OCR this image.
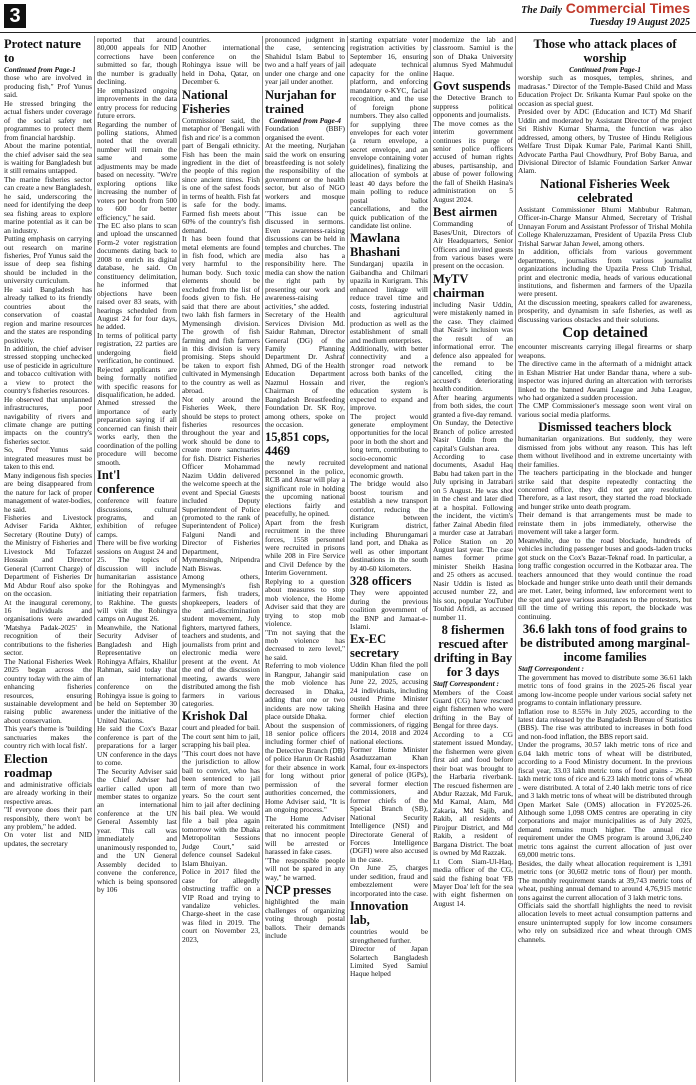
3	The Daily Commercial Times
Tuesday 19 August 2025
Protect nature to

Continued from Page-1

those who are involved in producing fish," Prof Yunus said.

He stressed bringing the actual fishers under coverage of the social safety net programmes to protect them from financial hardship.

About the marine potential, the chief adviser said the sea is waiting for Bangladesh but it still remains untapped.

The marine fisheries sector can create a new Bangladesh, he said, underscoring the need for identifying the deep sea fishing areas to explore marine potential as it can be an industry.

Putting emphasis on carrying out research on marine fisheries, Prof Yunus said the issue of deep sea fishing should be included in the university curriculum.

He said Bangladesh has already talked to its friendly countries about the conservation of coastal region and marine resources and the states are responding positively.

In addition, the chief adviser stressed stopping unchecked use of pesticide in agriculture and tobacco cultivation with a view to protect the country's fisheries resources.

He observed that unplanned infrastructures, poor navigability of rivers and climate change are putting impacts on the country's fisheries sector.

So, Prof Yunus said integrated measures must be taken to this end.

Many indigenous fish species are being disappeared from the nature for lack of proper management of water-bodies, he said.

Fisheries and Livestock Adviser Farida Akhter, Secretary (Routine Duty) of the Ministry of Fisheries and Livestock Md Tofazzel Hossain and Director General (Current Charge) of Department of Fisheries Dr Md Abdur Rouf also spoke on the occasion.

At the inaugural ceremony, 16 individuals and organisations were awarded 'Matshya Padak-2025' in recognition of their contributions to the fisheries sector.

The National Fisheries Week 2025 began across the country today with the aim of enhancing fisheries resources, ensuring sustainable development and raising public awareness about conservation.

This year's theme is 'building sanctuaries makes the country rich with local fish'.

Election roadmap

and administrative officials are already working in their respective areas.

"If everyone does their part responsibly, there won't be any problem," he added.

On voter list and NID updates, the secretary

reported that around 80,000 appeals for NID corrections have been submitted so far, though the number is gradually declining.

He emphasized ongoing improvements in the data entry process for reducing future errors.

Regarding the number of polling stations, Ahmed noted that the overall number will remain the same and some adjustments may be made based on necessity. "We're exploring options like increasing the number of voters per booth from 500 to 600 for better efficiency," he said.

The EC also plans to scan and upload the unscanned Form-2 voter registration documents dating back to 2008 to enrich its digital database, he said. On constituency delimitation, he informed that objections have been raised over 83 seats, with hearings scheduled from August 24 for four days, he added.

In terms of political party registration, 22 parties are undergoing field verification, he continued.

Rejected applicants are being formally notified with specific reasons for disqualification, he added.

Ahmed stressed the importance of early preparation saying if all concerned can finish their works early, then the coordination of the polling procedure will become smooth.

Int'l conference

conference will feature discussions, cultural programs, and an exhibition of refugee camps.

There will be five working sessions on August 24 and 25. The topics of discussion will include humanitarian assistance for the Rohingyas and initiating their repatriation to Rakhine. The guests will visit the Rohingya camps on August 26.

Meanwhile, the National Security Adviser of Bangladesh and High Representative on Rohingya Affairs, Khalilur Rahman, said today that an international conference on the Rohingya issue is going to be held on September 30 under the initiative of the United Nations.

He said the Cox's Bazar conference is part of the preparations for a larger UN conference in the days to come.

The Security Adviser said the Chief Adviser had earlier called upon all member states to organize an international conference at the UN General Assembly last year. This call was immediately and unanimously responded to, and the UN General Assembly decided to convene the conference, which is being sponsored by 106

countries.

Another international conference on the Rohingya issue will be held in Doha, Qatar, on December 6.

National Fisheries

Commissioner said, the metaphor of 'Bengali with fish and rice' is a common part of Bengali ethnicity. Fish has been the main ingredient in the diet of the people of this region since ancient times. Fish is one of the safest foods in terms of health. Fish fat is safe for the body. Farmed fish meets about 60% of the country's fish demand.

It has been found that metal elements are found in fish food, which are very harmful to the human body. Such toxic elements should be excluded from the list of foods given to fish. He said that there are about two lakh fish farmers in Mymensingh division. The growth of fish farming and fish farmers in this division is very promising. Steps should be taken to export fish cultivated in Mymensingh to the country as well as abroad.

Not only around the Fisheries Week, there should be steps to protect fisheries resources throughout the year and work should be done to create more sanctuaries for fish. District Fisheries Officer Mohammad Nazim Uddin delivered the welcome speech at the event and Special Guests included Deputy Superintendent of Police (promoted to the rank of Superintendent of Police) Falguni Nandi and Director of Fisheries Department, Mymensingh, Nripendra Nath Biswas.

Among others, Mymensingh's fish farmers, fish traders, shopkeepers, leaders of the anti-discrimination student movement, July fighters, martyred fathers, teachers and students, and journalists from print and electronic media were present at the event. At the end of the discussion meeting, awards were distributed among the fish farmers in various categories.

Krishok Dal

court and pleaded for bail. The court sent him to jail, scrapping his bail plea.

"This court does not have the jurisdiction to allow bail to convict, who has been sentenced to jail term of more than two years. So the court sent him to jail after declining his bail plea. We would file a bail plea again tomorrow with the Dhaka Metropolitan Sessions Judge Court," said defence counsel Sadekul Islam Bhuiyan.

Police in 2017 filed the case for allegedly obstructing traffic on a VIP Road and trying to vandalize vehicles. Charge-sheet in the case was filed in 2019. The court on November 23, 2023,

pronounced judgment in the case, sentencing Shahidul Islam Babul to two and a half years of jail under one charge and one year jail under another.

Nurjahan for trained

Continued from Page-4

Foundation (BBF) organised the event.

At the meeting, Nurjahan said the work on ensuring breastfeeding is not solely the responsibility of the government or the health sector, but also of NGO workers and mosque imams.

"This issue can be discussed in sermons. Even awareness-raising discussions can be held in temples and churches. The media also has a responsibility here. The media can show the nation the right path by presenting our work and awareness-raising activities," she added.

Secretary of the Health Services Division Md. Saidur Rahman, Director General (DG) of the Family Planning Department Dr. Ashraf Ahmed, DG of the Health Education Department Nazmul Hossain and Chairman of the Bangladesh Breastfeeding Foundation Dr. SK Roy, among others, spoke on the occasion.

15,851 cops, 4469

the newly recruited personnel in the police, RCB and Ansar will play a significant role in holding the upcoming national elections fairly and peacefully, he opined.

Apart from the fresh recruitment in the three forces, 1558 personnel were recruited in prisons while 208 in Fire Service and Civil Defence by the Interim Government.

Replying to a question about measures to stop mob violence, the Home Adviser said that they are trying to stop mob violence.

"I'm not saying that the mob violence has decreased to zero level," he said.

Referring to mob violence in Rangpur, Jahangir said the mob violence has decreased in Dhaka, adding that one or two incidents are now taking place outside Dhaka.

About the suspension of 18 senior police officers including former chief of the Detective Branch (DB) of police Harun Or Rashid for their absence in work for long without prior permission of the authorities concerned, the Home Adviser said, "It is an ongoing process."

The Home Adviser reiterated his commitment that no innocent people will be arrested or harassed in fake cases.

"The responsible people will not be spared in any way," he warned.

NCP presses

highlighted the main challenges of organizing voting through postal ballots. Their demands include

starting expatriate voter registration activities by September 16, ensuring adequate technical capacity for the online platform, and enforcing mandatory e-KYC, facial recognition, and the use of foreign phone numbers. They also called for supplying three envelopes for each voter (a return envelope, a secret envelope, and an envelope containing voter guidelines), finalizing the allocation of symbols at least 40 days before the main polling to reduce postal ballot cancellations, and the quick publication of the candidate list online.

Mawlana Bhashani

Sundarganj upazila in Gaibandha and Chilmari upazila in Kurigram. This enhanced linkage will reduce travel time and costs, fostering industrial and agricultural production as well as the establishment of small and medium enterprises.

Additionally, with better connectivity and a stronger road network across both banks of the river, the region's education system is expected to expand and improve.

The project would generate employment opportunities for the local poor in both the short and long term, contributing to socio-economic development and national economic growth.

The bridge would also boost tourism and establish a new transport corridor, reducing the distance between Kurigram district, including Bhurungamari land port, and Dhaka as well as other important destinations in the south by 40-60 kilometers.

328 officers

They were appointed during the previous coalition government of the BNP and Jamaat-e-Islami.

Ex-EC secretary

Uddin Khan filed the poll manipulation case on June 22, 2025, accusing 24 individuals, including ousted Prime Minister Sheikh Hasina and three former chief election commissioners, of rigging the 2014, 2018 and 2024 national elections.

Former Home Minister Asaduzzaman Khan Kamal, four ex-inspectors general of police (IGPs), several former election commissioners, and former chiefs of the Special Branch (SB), National Security Intelligence (NSI) and Directorate General of Forces Intelligence (DGFI) were also accused in the case.

On June 25, charges under sedition, fraud and embezzlement were incorporated into the case.

Innovation lab,

countries would be strengthened further.

Director of Japan Solartech Bangladesh Limited Syed Samiul Haque helped

modernize the lab and classroom. Samiul is the son of Dhaka University alumnus Syed Mahmudul Haque.

Govt suspends

the Detective Branch to suppress political opponents and journalists.

The move comes as the interim government continues its purge of senior police officers accused of human rights abuses, partisanship, and abuse of power following the fall of Sheikh Hasina's administration on 5 August 2024.

Best airmen

Commanding of Bases/Unit, Directors of Air Headquarters, Senior Officers and invited guests from various bases were present on the occasion.

MyTV chairman

including Nasir Uddin, were mistakenly named in the case. They claimed that Nasir's inclusion was the result of an informational error. The defence also appealed for the remand to be cancelled, citing the accused's deteriorating health condition.

After hearing arguments from both sides, the court granted a five-day remand.

On Sunday, the Detective Branch of police arrested Nasir Uddin from the capital's Gulshan area.

According to case documents, Asadul Haq Babu had taken part in the July uprising in Jatrabari on 5 August. He was shot in the chest and later died at a hospital. Following the incident, the victim's father Zainal Abedin filed a murder case at Jatrabari Police Station on 20 August last year. The case names former prime minister Sheikh Hasina and 25 others as accused. Nasir Uddin is listed as accused number 22, and his son, popular YouTuber Touhid Afridi, as accused number 11.

8 fishermen rescued after drifting in Bay for 3 days

Staff Correspondent :

Members of the Coast Guard (CG) have rescued eight fishermen who were drifting in the Bay of Bengal for three days.

According to a CG statement issued Monday, the fishermen were given first aid and food before their boat was brought to the Harbaria riverbank. The rescued fishermen are Abdur Razzak, Md Faruk, Md Kamal, Alam, Md Zakaria, Md Sajib, and Rakib, all residents of Pirojpur District, and Md Rakib, a resident of Bargana District. The boat is owned by Md Razzak.

Lt Com Siam-Ul-Haq, media officer of the CG, said the fishing boat 'FB Mayer Doa' left for the sea with eight fishermen on August 14.

Those who attack places of worship

Continued from Page-1

worship such as mosques, temples, shrines, and madrasas." Director of the Temple-Based Child and Mass Education Project Dr. Srikanta Kumar Paul spoke on the occasion as special guest.

Presided over by ADC (Education and ICT) Md Sharif Uddin and moderated by Assistant Director of the project Sri Rishiv Kumar Sharma, the function was also addressed, among others, by Trustee of Hindu Religious Welfare Trust Dipak Kumar Pale, Parimal Kanti Shill, Advocate Partha Paul Chowdhury, Prof Boby Barua, and Divisional Director of Islamic Foundation Sarker Anwar Alam.

National Fisheries Week celebrated

Assistant Commissioner Bhumi Mahbubur Rahman, Officer-in-Charge Mansur Ahmed, Secretary of Trishal Unnayan Forum and Assistant Professor of Trishal Mohila College Khaleruzzaman, President of Upazila Press Club Trishal Sarwar Jahan Jewel, among others.

In addition, officials from various government departments, journalists from various journalist organizations including the Upazila Press Club Trishal, print and electronic media, heads of various educational institutions, and fishermen and farmers of the Upazila were present.

At the discussion meeting, speakers called for awareness, prosperity, and dynamism in safe fisheries, as well as discussing various obstacles and their solutions.

Cop detained

encounter miscreants carrying illegal firearms or sharp weapons.

The directive came in the aftermath of a midnight attack in Eshan Mistrier Hat under Bandar thana, where a sub-inspector was injured during an altercation with terrorists linked to the banned Awami League and Juba League, who had organized a sudden procession.

The CMP Commissioner's message soon went viral on various social media platforms.

Dismissed teachers block

humanitarian organizations. But suddenly, they were dismissed from jobs without any reason. This has left them without livelihood and in extreme uncertainty with their families.

The teachers participating in the blockade and hunger strike said that despite repeatedly contacting the concerned office, they did not get any resolution. Therefore, as a last resort, they started the road blockade and hunger strike unto death program.

Their demand is that arrangements must be made to reinstate them in jobs immediately, otherwise the movement will take a larger form.

Meanwhile, due to the road blockade, hundreds of vehicles including passenger buses and goods-laden trucks got stuck on the Cox's Bazar-Teknaf road. In particular, a long traffic congestion occurred in the Kotbazar area. The teachers announced that they would continue the road blockade and hunger strike unto death until their demands are met. Later, being informed, law enforcement went to the spot and gave various assurances to the protesters, but till the time of writing this report, the blockade was continuing.

36.6 lakh tons of food grains to be distributed among marginal-income families

Staff Correspondent :

The government has moved to distribute some 36.61 lakh metric tons of food grains in the 2025-26 fiscal year among low-income people under various social safety net programs to contain inflationary pressure.

Inflation rose to 8.55% in July 2025, according to the latest data released by the Bangladesh Bureau of Statistics (BBS). The rise was attributed to increases in both food and non-food inflation, the BBS report said.

Under the programs, 30.57 lakh metric tons of rice and 6.04 lakh metric tons of wheat will be distributed, according to a Food Ministry document. In the previous fiscal year, 33.03 lakh metric tons of food grains - 26.80 lakh metric tons of rice and 6.23 lakh metric tons of wheat - were distributed. A total of 2.40 lakh metric tons of rice and 3 lakh metric tons of wheat will be distributed through Open Market Sale (OMS) allocation in FY2025-26. Although some 1,098 OMS centres are operating in city corporations and major municipalities as of July 2025, demand remains much higher. The annual rice requirement under the OMS program is around 3,06,240 metric tons against the current allocation of just over 69,000 metric tons.

Besides, the daily wheat allocation requirement is 1,391 metric tons (or 30,602 metric tons of flour) per month. The monthly requirement stands at 39,743 metric tons of wheat, pushing annual demand to around 4,76,915 metric tons against the current allocation of 3 lakh metric tons.

Officials said the shortfall highlights the need to revisit allocation levels to meet actual consumption patterns and ensure uninterrupted supply for low income consumers who rely on subsidized rice and wheat through OMS channels.
